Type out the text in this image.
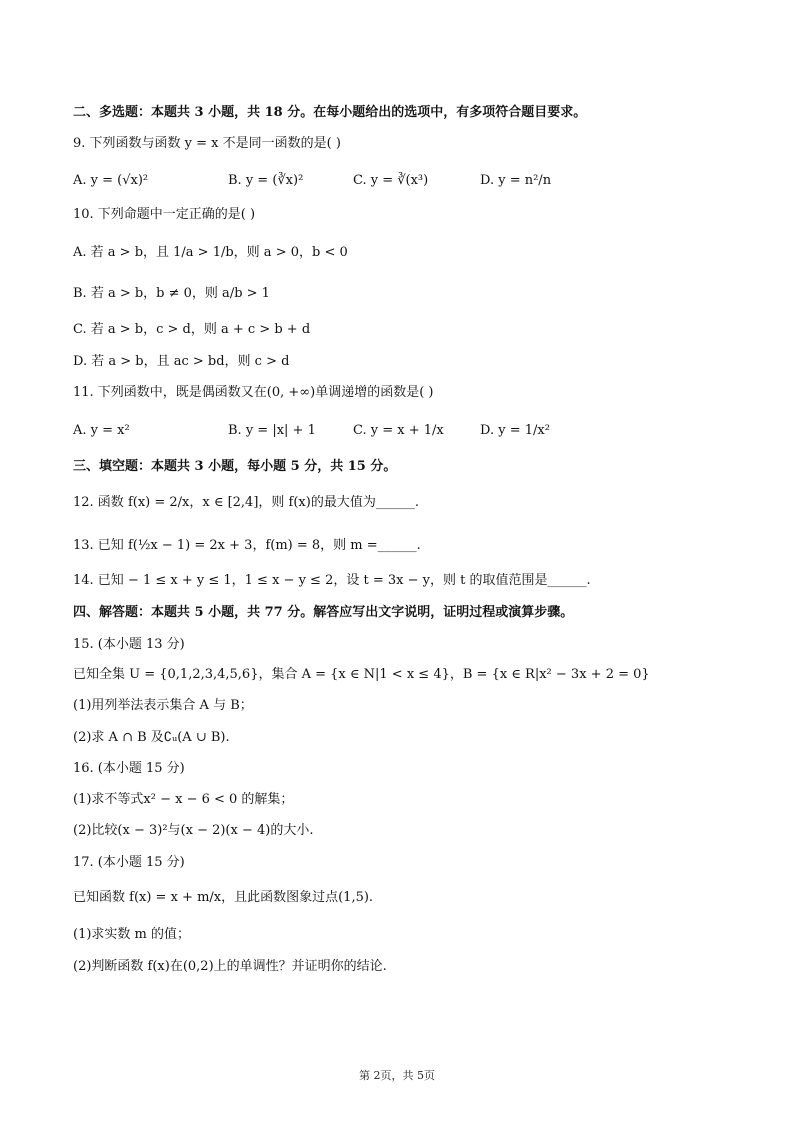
二、多选题：本题共 3 小题，共 18 分。在每小题给出的选项中，有多项符合题目要求。
9. 下列函数与函数 y = x 不是同一函数的是( )
A. y = (√x)²	B. y = (∛x)²	C. y = ∛(x³)	D. y = n²/n
10. 下列命题中一定正确的是( )
A. 若 a > b，且 1/a > 1/b，则 a > 0，b < 0
B. 若 a > b，b ≠ 0，则 a/b > 1
C. 若 a > b，c > d，则 a + c > b + d
D. 若 a > b，且 ac > bd，则 c > d
11. 下列函数中，既是偶函数又在(0, +∞)单调递增的函数是( )
A. y = x²	B. y = |x| + 1	C. y = x + 1/x	D. y = 1/x²
三、填空题：本题共 3 小题，每小题 5 分，共 15 分。
12. 函数 f(x) = 2/x，x ∈ [2,4]，则 f(x)的最大值为______.
13. 已知 f(½x − 1) = 2x + 3，f(m) = 8，则 m =______.
14. 已知 − 1 ≤ x + y ≤ 1，1 ≤ x − y ≤ 2，设 t = 3x − y，则 t 的取值范围是______.
四、解答题：本题共 5 小题，共 77 分。解答应写出文字说明，证明过程或演算步骤。
15. (本小题 13 分)
已知全集 U = {0,1,2,3,4,5,6}，集合 A = {x ∈ N|1 < x ≤ 4}，B = {x ∈ R|x² − 3x + 2 = 0}
(1)用列举法表示集合 A 与 B；
(2)求 A ∩ B 及∁ᵤ(A ∪ B).
16. (本小题 15 分)
(1)求不等式x² − x − 6 < 0 的解集；
(2)比较(x − 3)²与(x − 2)(x − 4)的大小.
17. (本小题 15 分)
已知函数 f(x) = x + m/x，且此函数图象过点(1,5).
(1)求实数 m 的值；
(2)判断函数 f(x)在(0,2)上的单调性？并证明你的结论.
第 2页，共 5页
